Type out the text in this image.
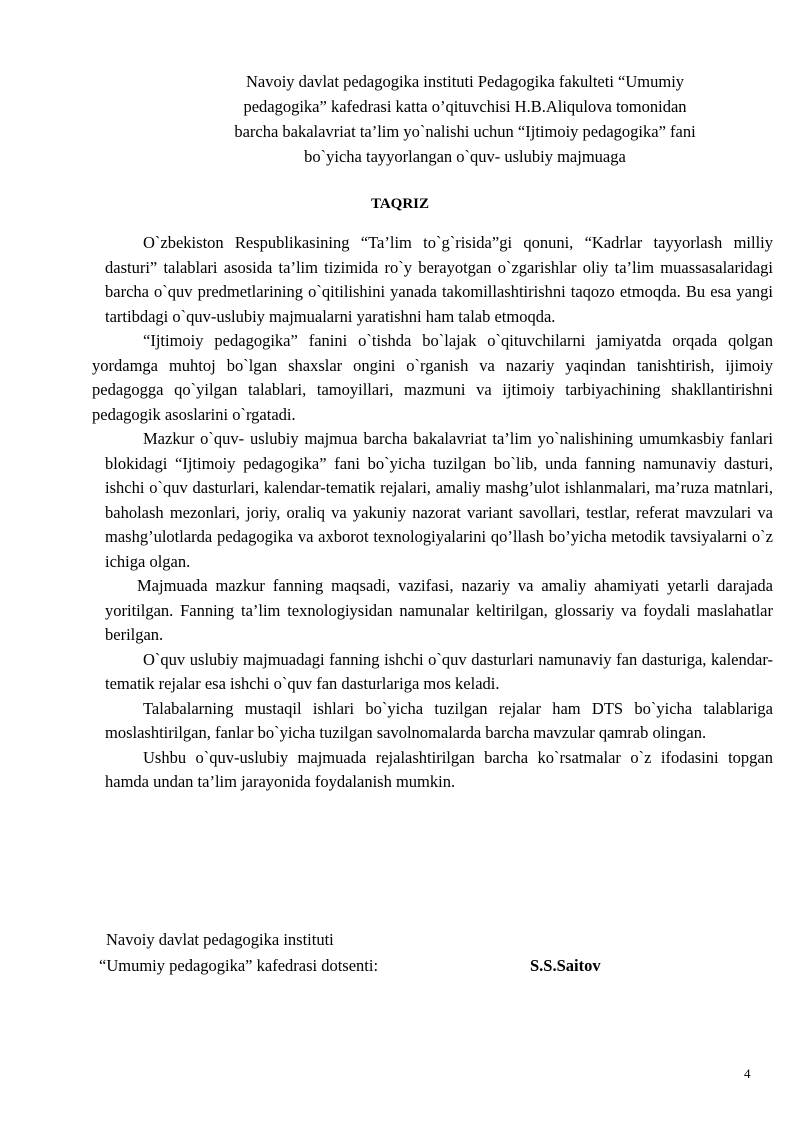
Navoiy davlat pedagogika instituti Pedagogika fakulteti “Umumiy
pedagogika” kafedrasi katta o’qituvchisi H.B.Aliqulova tomonidan
barcha bakalavriat ta’lim yo`nalishi uchun “Ijtimoiy pedagogika” fani
bo`yicha tayyorlangan o`quv- uslubiy majmuaga
TAQRIZ

O`zbekiston Respublikasining “Ta’lim to`g`risida”gi qonuni, “Kadrlar tayyorlash milliy dasturi” talablari asosida ta’lim tizimida ro`y berayotgan o`zgarishlar oliy ta’lim muassasalaridagi barcha o`quv predmetlarining o`qitilishini yanada takomillashtirishni taqozo etmoqda. Bu esa yangi tartibdagi o`quv-uslubiy majmualarni yaratishni ham talab etmoqda.

“Ijtimoiy pedagogika” fanini o`tishda bo`lajak o`qituvchilarni jamiyatda orqada qolgan yordamga muhtoj bo`lgan shaxslar ongini o`rganish va nazariy yaqindan tanishtirish, ijimoiy pedagogga qo`yilgan talablari, tamoyillari, mazmuni va ijtimoiy tarbiyachining shakllantirishni pedagogik asoslarini o`rgatadi.

Mazkur o`quv- uslubiy majmua barcha bakalavriat ta’lim yo`nalishining umumkasbiy fanlari blokidagi “Ijtimoiy pedagogika” fani bo`yicha tuzilgan bo`lib, unda fanning namunaviy dasturi, ishchi o`quv dasturlari, kalendar-tematik rejalari, amaliy mashg’ulot ishlanmalari, ma’ruza matnlari, baholash mezonlari, joriy, oraliq va yakuniy nazorat variant savollari, testlar, referat mavzulari va mashg’ulotlarda pedagogika va axborot texnologiyalarini qo’llash bo’yicha metodik tavsiyalarni o`z ichiga olgan.

Majmuada mazkur fanning maqsadi, vazifasi, nazariy va amaliy ahamiyati yetarli darajada yoritilgan. Fanning ta’lim texnologiysidan namunalar keltirilgan, glossariy va foydali maslahatlar berilgan.

O`quv uslubiy majmuadagi fanning ishchi o`quv dasturlari namunaviy fan dasturiga, kalendar-tematik rejalar esa ishchi o`quv fan dasturlariga mos keladi.

Talabalarning mustaqil ishlari bo`yicha tuzilgan rejalar ham DTS bo`yicha talablariga moslashtirilgan, fanlar bo`yicha tuzilgan savolnomalarda barcha mavzular qamrab olingan.

Ushbu o`quv-uslubiy majmuada rejalashtirilgan barcha ko`rsatmalar o`z ifodasini topgan hamda undan ta’lim jarayonida foydalanish mumkin.

Navoiy davlat pedagogika instituti
“Umumiy pedagogika” kafedrasi dotsenti:	S.S.Saitov
4
